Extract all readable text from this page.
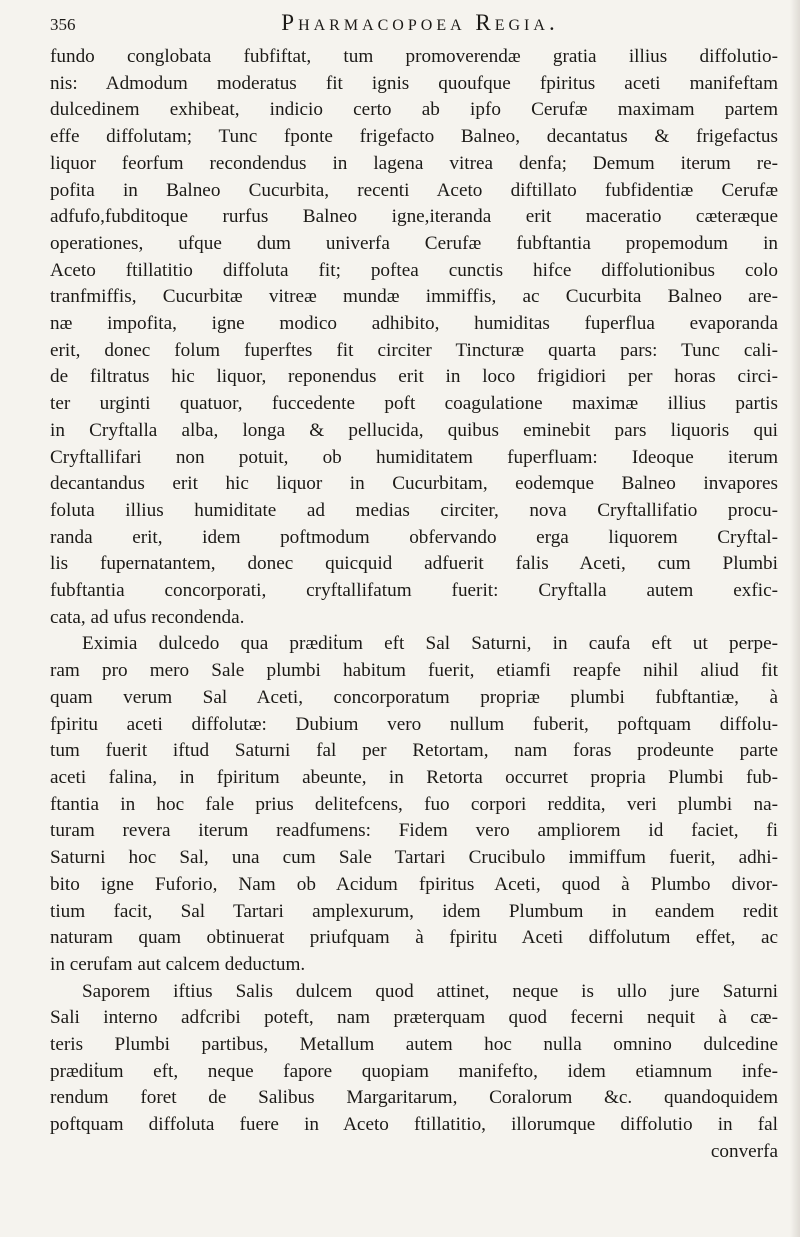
356	Pharmacopoea Regia.

fundo conglobata fubfiftat, tum promoverendæ gratia illius diffolutio-

nis: Admodum moderatus fit ignis quoufque fpiritus aceti manifeftam

dulcedinem exhibeat, indicio certo ab ipfo Cerufæ maximam partem

effe diffolutam; Tunc fponte frigefacto Balneo, decantatus & frigefactus

liquor feorfum recondendus in lagena vitrea denfa; Demum iterum re-

pofita in Balneo Cucurbita, recenti Aceto diftillato fubfidentiæ Cerufæ

adfufo,fubditoque rurfus Balneo igne,iteranda erit maceratio cæteræque

operationes, ufque dum univerfa Cerufæ fubftantia propemodum in

Aceto ftillatitio diffoluta fit; poftea cunctis hifce diffolutionibus colo

tranfmiffis, Cucurbitæ vitreæ mundæ immiffis, ac Cucurbita Balneo are-

næ impofita, igne modico adhibito, humiditas fuperflua evaporanda

erit, donec folum fuperftes fit circiter Tincturæ quarta pars: Tunc cali-

de filtratus hic liquor, reponendus erit in loco frigidiori per horas circi-

ter urginti quatuor, fuccedente poft coagulatione maximæ illius partis

in Cryftalla alba, longa & pellucida, quibus eminebit pars liquoris qui

Cryftallifari non potuit, ob humiditatem fuperfluam: Ideoque iterum

decantandus erit hic liquor in Cucurbitam, eodemque Balneo invapores

foluta illius humiditate ad medias circiter, nova Cryftallifatio procu-

randa erit, idem poftmodum obfervando erga liquorem Cryftal-

lis fupernatantem, donec quicquid adfuerit falis Aceti, cum Plumbi

fubftantia concorporati, cryftallifatum fuerit: Cryftalla autem exfic-

cata, ad ufus recondenda.

Eximia dulcedo qua prædiṫum eft Sal Saturni, in caufa eft ut perpe-

ram pro mero Sale plumbi habitum fuerit, etiamfi reapfe nihil aliud fit

quam verum Sal Aceti, concorporatum propriæ plumbi fubftantiæ, à

fpiritu aceti diffolutæ: Dubium vero nullum fuberit, poftquam diffolu-

tum fuerit iftud Saturni fal per Retortam, nam foras prodeunte parte

aceti falina, in fpiritum abeunte, in Retorta occurret propria Plumbi fub-

ftantia in hoc fale prius delitefcens, fuo corpori reddita, veri plumbi na-

turam revera iterum readfumens: Fidem vero ampliorem id faciet, fi

Saturni hoc Sal, una cum Sale Tartari Crucibulo immiffum fuerit, adhi-

bito igne Fuforio, Nam ob Acidum fpiritus Aceti, quod à Plumbo divor-

tium facit, Sal Tartari amplexurum, idem Plumbum in eandem redit

naturam quam obtinuerat priufquam à fpiritu Aceti diffolutum effet, ac

in cerufam aut calcem deductum.

Saporem iftius Salis dulcem quod attinet, neque is ullo jure Saturni

Sali interno adfcribi poteft, nam præterquam quod fecerni nequit à cæ-

teris Plumbi partibus, Metallum autem hoc nulla omnino dulcedine

prædiṫum eft, neque fapore quopiam manifefto, idem etiamnum infe-

rendum foret de Salibus Margaritarum, Coralorum &c. quandoquidem

poftquam diffoluta fuere in Aceto ftillatitio, illorumque diffolutio in fal

converfa
